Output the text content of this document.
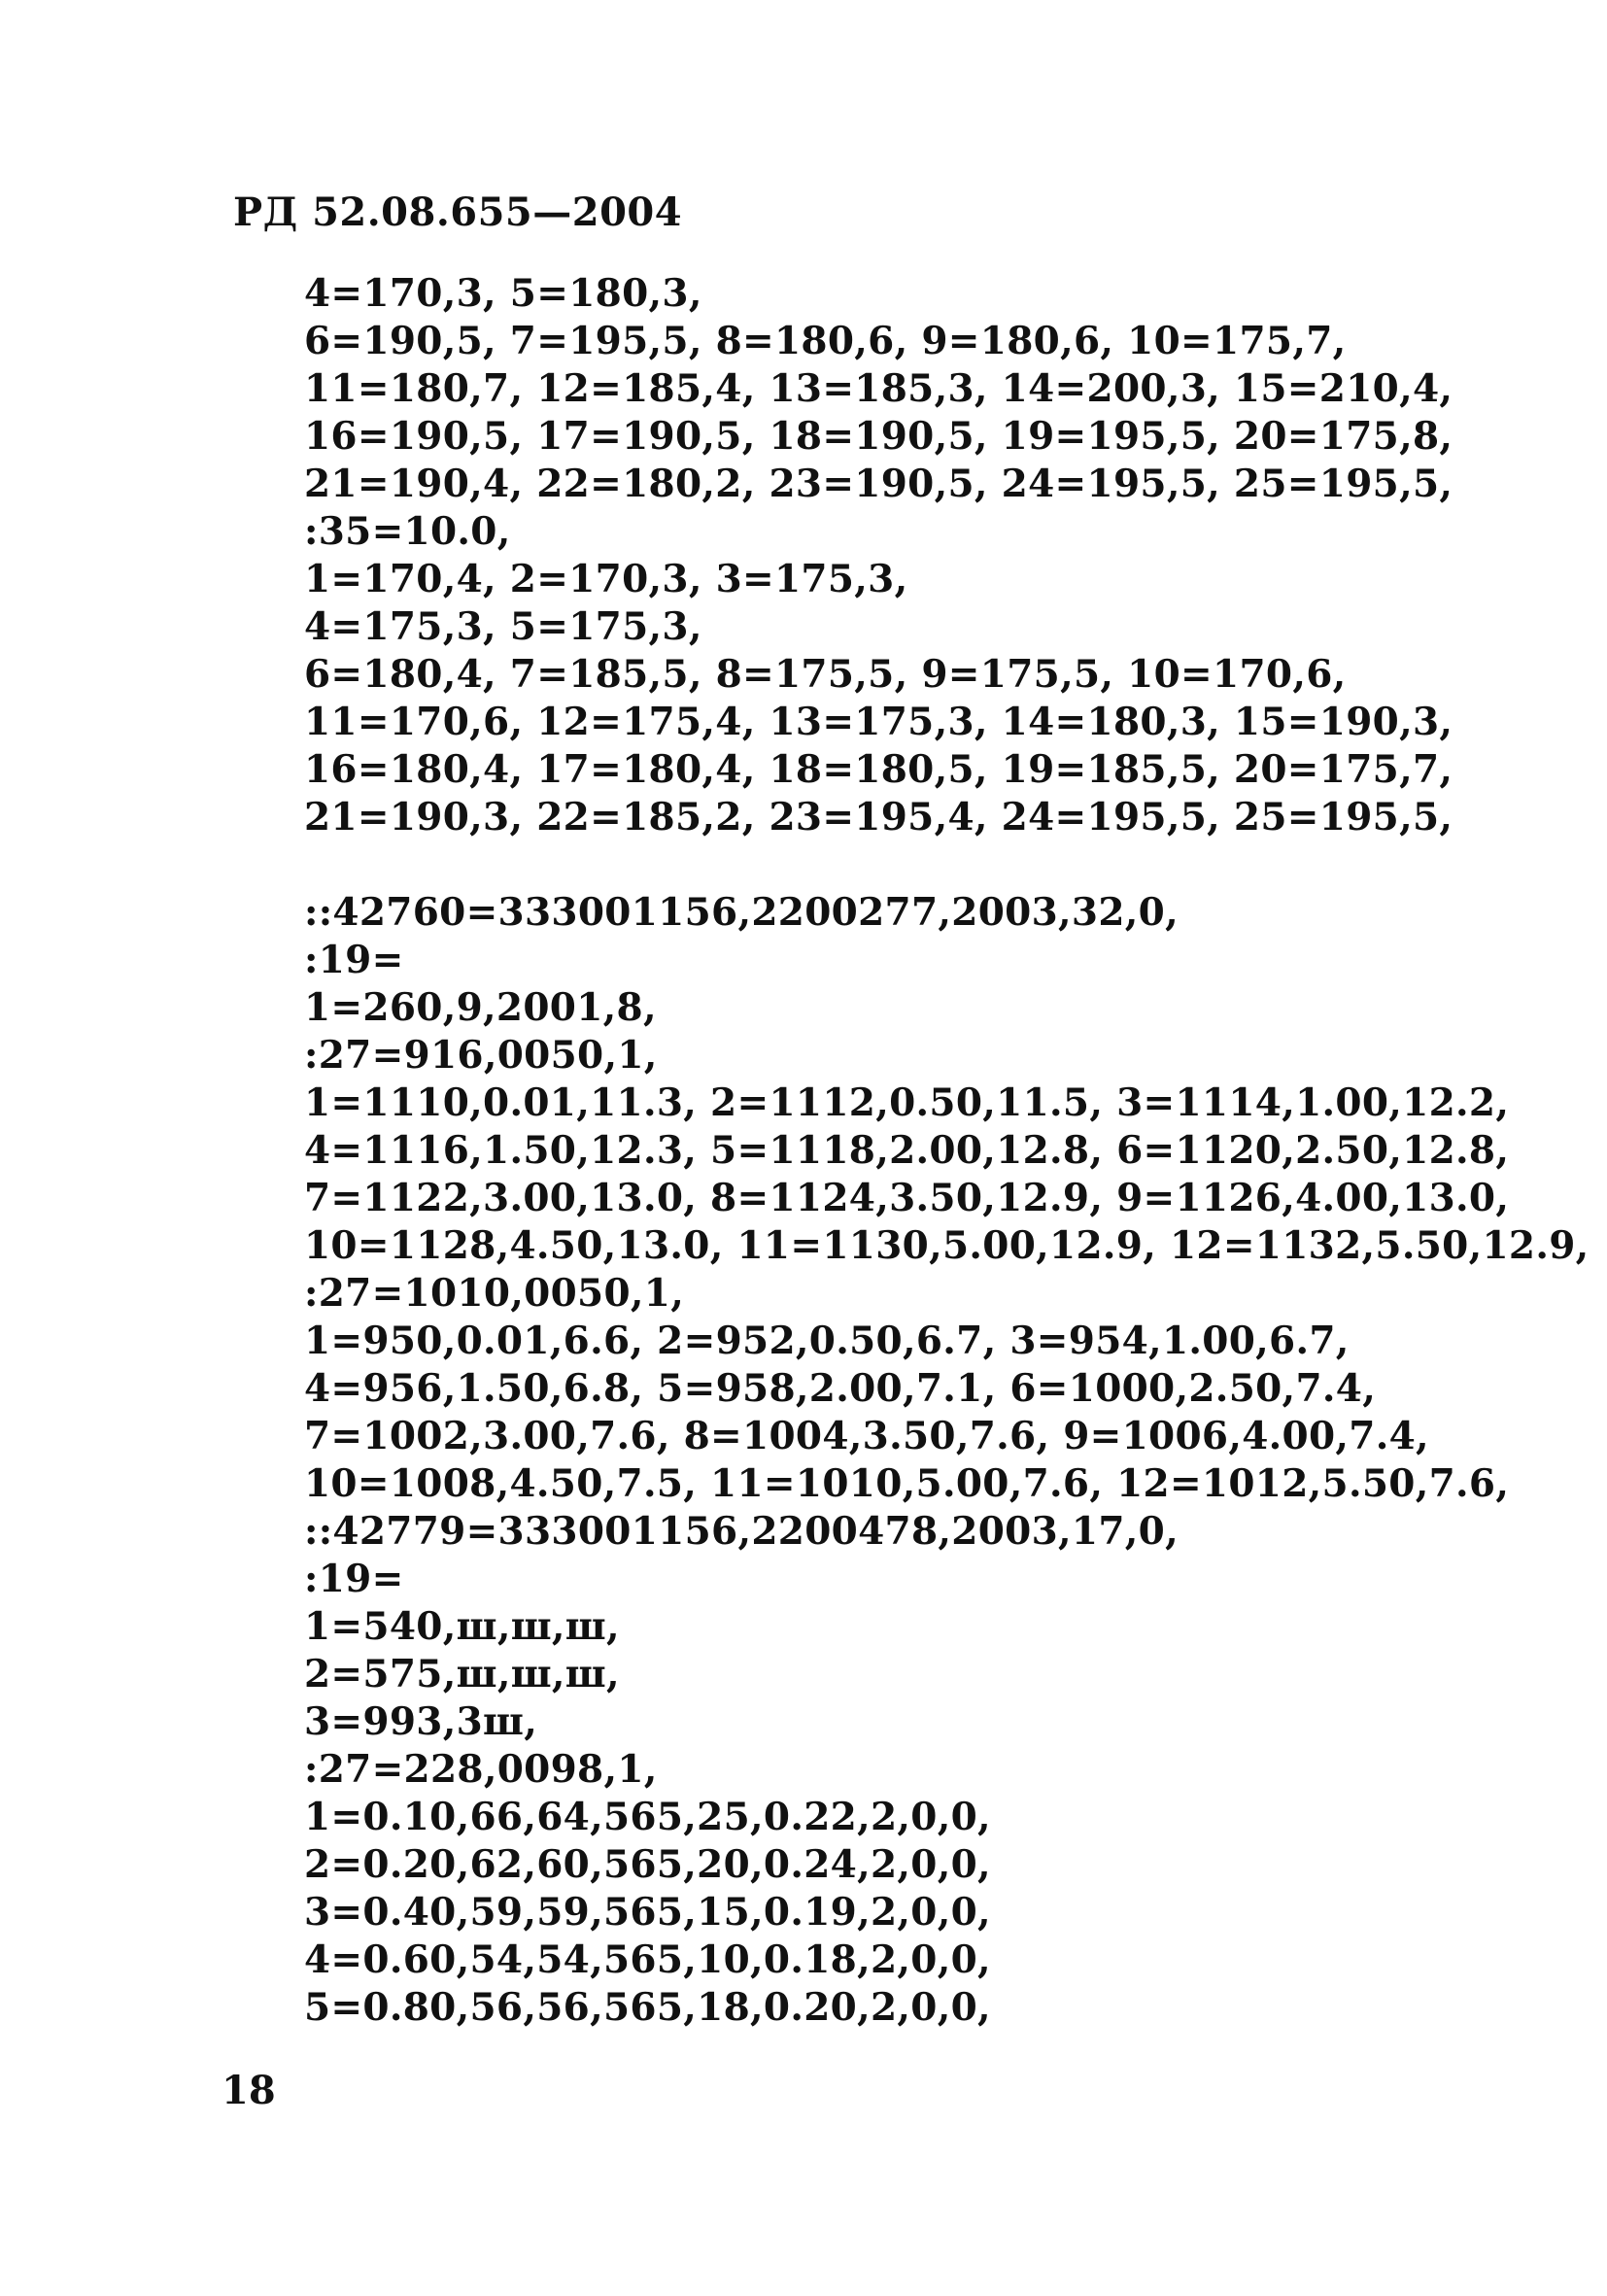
РД 52.08.655—2004
4=170,3, 5=180,3,
6=190,5, 7=195,5, 8=180,6, 9=180,6, 10=175,7,
11=180,7, 12=185,4, 13=185,3, 14=200,3, 15=210,4,
16=190,5, 17=190,5, 18=190,5, 19=195,5, 20=175,8,
21=190,4, 22=180,2, 23=190,5, 24=195,5, 25=195,5,
:35=10.0,
1=170,4, 2=170,3, 3=175,3,
4=175,3, 5=175,3,
6=180,4, 7=185,5, 8=175,5, 9=175,5, 10=170,6,
11=170,6, 12=175,4, 13=175,3, 14=180,3, 15=190,3,
16=180,4, 17=180,4, 18=180,5, 19=185,5, 20=175,7,
21=190,3, 22=185,2, 23=195,4, 24=195,5, 25=195,5,
::42760=333001156,2200277,2003,32,0,
:19=
1=260,9,2001,8,
:27=916,0050,1,
1=1110,0.01,11.3, 2=1112,0.50,11.5, 3=1114,1.00,12.2,
4=1116,1.50,12.3, 5=1118,2.00,12.8, 6=1120,2.50,12.8,
7=1122,3.00,13.0, 8=1124,3.50,12.9, 9=1126,4.00,13.0,
10=1128,4.50,13.0, 11=1130,5.00,12.9, 12=1132,5.50,12.9,
:27=1010,0050,1,
1=950,0.01,6.6, 2=952,0.50,6.7, 3=954,1.00,6.7,
4=956,1.50,6.8, 5=958,2.00,7.1, 6=1000,2.50,7.4,
7=1002,3.00,7.6, 8=1004,3.50,7.6, 9=1006,4.00,7.4,
10=1008,4.50,7.5, 11=1010,5.00,7.6, 12=1012,5.50,7.6,
::42779=333001156,2200478,2003,17,0,
:19=
1=540,ш,ш,ш,
2=575,ш,ш,ш,
3=993,3ш,
:27=228,0098,1,
1=0.10,66,64,565,25,0.22,2,0,0,
2=0.20,62,60,565,20,0.24,2,0,0,
3=0.40,59,59,565,15,0.19,2,0,0,
4=0.60,54,54,565,10,0.18,2,0,0,
5=0.80,56,56,565,18,0.20,2,0,0,
18
